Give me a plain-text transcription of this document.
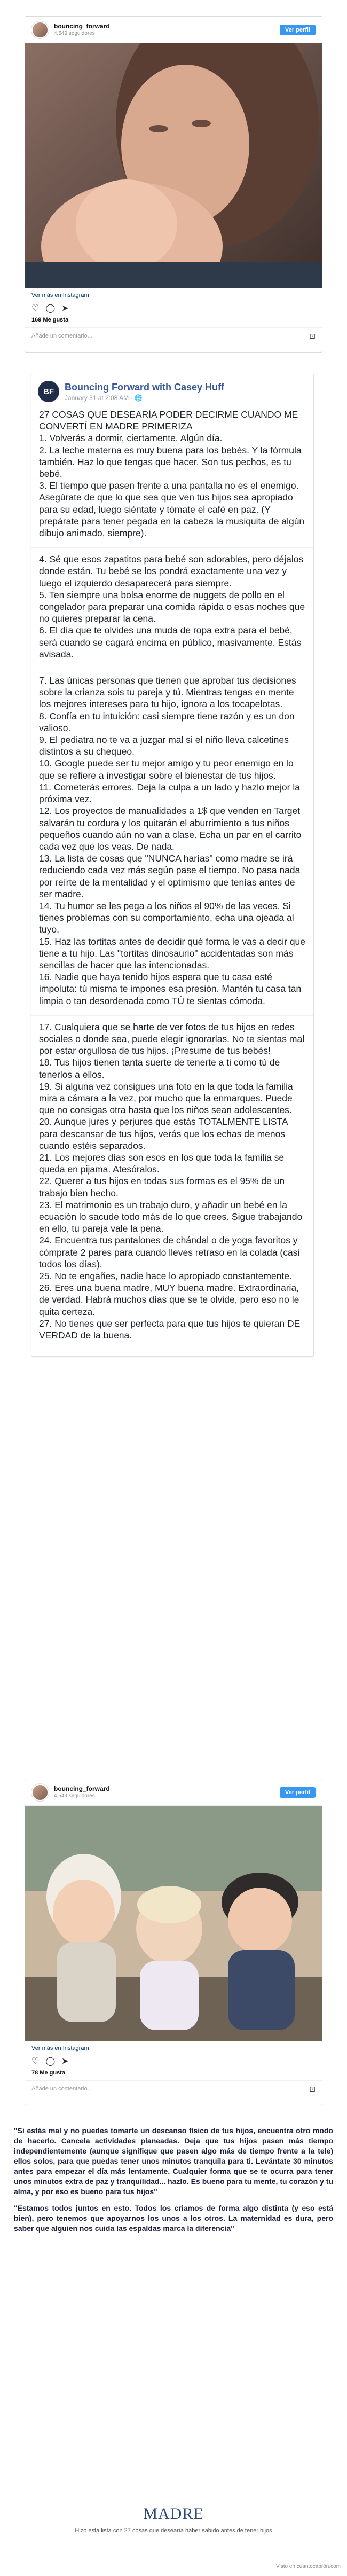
bouncing_forward
4,549 seguidores
Ver perfil
Ver más en Instagram
♡ ◯ ➤
169 Me gusta
Añade un comentario...	⊡
BF	Bouncing Forward with Casey Huff
January 31 at 2:08 AM · 🌐

27 COSAS QUE DESEARÍA PODER DECIRME CUANDO ME CONVERTÍ EN MADRE PRIMERIZA

1. Volverás a dormir, ciertamente. Algún día.

2. La leche materna es muy buena para los bebés. Y la fórmula también. Haz lo que tengas que hacer. Son tus pechos, es tu bebé.

3. El tiempo que pasen frente a una pantalla no es el enemigo. Asegúrate de que lo que sea que ven tus hijos sea apropiado para su edad, luego siéntate y tómate el café en paz. (Y prepárate para tener pegada en la cabeza la musiquita de algún dibujo animado, siempre).

4. Sé que esos zapatitos para bebé son adorables, pero déjalos donde están. Tu bebé se los pondrá exactamente una vez y luego el izquierdo desaparecerá para siempre.

5. Ten siempre una bolsa enorme de nuggets de pollo en el congelador para preparar una comida rápida o esas noches que no quieres preparar la cena.

6. El día que te olvides una muda de ropa extra para el bebé, será cuando se cagará encima en público, masivamente. Estás avisada.

7. Las únicas personas que tienen que aprobar tus decisiones sobre la crianza sois tu pareja y tú. Mientras tengas en mente los mejores intereses para tu hijo, ignora a los tocapelotas.

8. Confía en tu intuición: casi siempre tiene razón y es un don valioso.

9. El pediatra no te va a juzgar mal si el niño lleva calcetines distintos a su chequeo.

10. Google puede ser tu mejor amigo y tu peor enemigo en lo que se refiere a investigar sobre el bienestar de tus hijos.

11. Cometerás errores. Deja la culpa a un lado y hazlo mejor la próxima vez.

12. Los proyectos de manualidades a 1$ que venden en Target salvarán tu cordura y los quitarán el aburrimiento a tus niños pequeños cuando aún no van a clase. Echa un par en el carrito cada vez que los veas. De nada.

13. La lista de cosas que "NUNCA harías" como madre se irá reduciendo cada vez más según pase el tiempo. No pasa nada por reírte de la mentalidad y el optimismo que tenías antes de ser madre.

14. Tu humor se les pega a los niños el 90% de las veces. Si tienes problemas con su comportamiento, echa una ojeada al tuyo.

15. Haz las tortitas antes de decidir qué forma le vas a decir que tiene a tu hijo. Las "tortitas dinosaurio" accidentadas son más sencillas de hacer que las intencionadas.

16. Nadie que haya tenido hijos espera que tu casa esté impoluta: tú misma te impones esa presión. Mantén tu casa tan limpia o tan desordenada como TÚ te sientas cómoda.

17. Cualquiera que se harte de ver fotos de tus hijos en redes sociales o donde sea, puede elegir ignorarlas. No te sientas mal por estar orgullosa de tus hijos. ¡Presume de tus bebés!

18. Tus hijos tienen tanta suerte de tenerte a ti como tú de tenerlos a ellos.

19. Si alguna vez consigues una foto en la que toda la familia mira a cámara a la vez, por mucho que la enmarques. Puede que no consigas otra hasta que los niños sean adolescentes.

20. Aunque jures y perjures que estás TOTALMENTE LISTA para descansar de tus hijos, verás que los echas de menos cuando estéis separados.

21. Los mejores días son esos en los que toda la familia se queda en pijama. Atesóralos.

22. Querer a tus hijos en todas sus formas es el 95% de un trabajo bien hecho.

23. El matrimonio es un trabajo duro, y añadir un bebé en la ecuación lo sacude todo más de lo que crees. Sigue trabajando en ello, tu pareja vale la pena.

24. Encuentra tus pantalones de chándal o de yoga favoritos y cómprate 2 pares para cuando lleves retraso en la colada (casi todos los días).

25. No te engañes, nadie hace lo apropiado constantemente.

26. Eres una buena madre, MUY buena madre. Extraordinaria, de verdad. Habrá muchos días que se te olvide, pero eso no le quita certeza.

27. No tienes que ser perfecta para que tus hijos te quieran DE VERDAD de la buena.

bouncing_forward
4,549 seguidores
Ver perfil
Ver más en Instagram
♡ ◯ ➤
78 Me gusta
Añade un comentario...	⊡

"Si estás mal y no puedes tomarte un descanso físico de tus hijos, encuentra otro modo de hacerlo. Cancela actividades planeadas. Deja que tus hijos pasen más tiempo independientemente (aunque signifique que pasen algo más de tiempo frente a la tele) ellos solos, para que puedas tener unos minutos tranquila para ti. Levántate 30 minutos antes para empezar el día más lentamente. Cualquier forma que se te ocurra para tener unos minutos extra de paz y tranquilidad... hazlo. Es bueno para tu mente, tu corazón y tu alma, y por eso es bueno para tus hijos"

"Estamos todos juntos en esto. Todos los criamos de forma algo distinta (y eso está bien), pero tenemos que apoyarnos los unos a los otros. La maternidad es dura, pero saber que alguien nos cuida las espaldas marca la diferencia"

MADRE
Hizo esta lista con 27 cosas que desearía haber sabido antes de tener hijos
Visto en cuantocabrón.com
